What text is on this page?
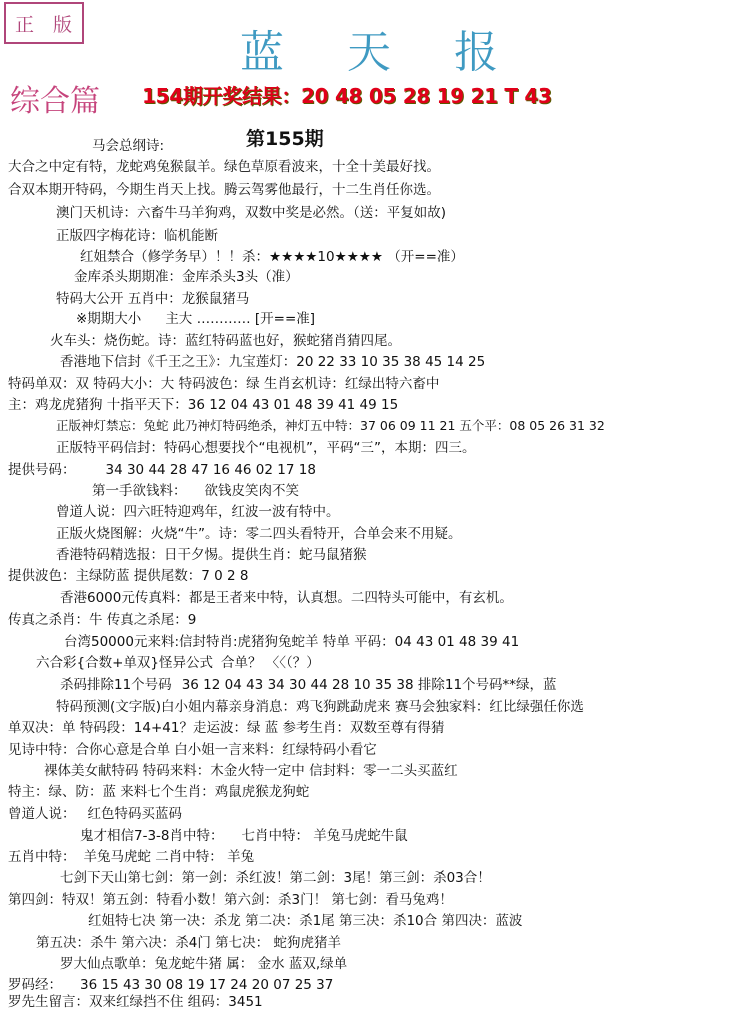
正 版
蓝 天 报
综合篇 154期开奖结果：20 48 05 28 19 21 T 43
马会总纲诗:	第155期
大合之中定有特，龙蛇鸡兔猴鼠羊。绿色草原看波来，十全十美最好找。
合双本期开特码，今期生肖天上找。腾云驾雾他最行，十二生肖任你选。
澳门天机诗：六畜牛马羊狗鸡，双数中奖是必然。（送：平复如故)
正版四字梅花诗：临机能断
红姐禁合（修学务早）！！杀：★★★★10★★★★ （开==准）
金库杀头期期准：金库杀头3头（准）
特码大公开 五肖中：龙猴鼠猪马
※期期大小 主大 ………… [开==准]
火车头：烧伤蛇。诗：蓝红特码蓝也好，猴蛇猪肖猜四尾。
香港地下信封《千王之王》：九宝莲灯：20 22 33 10 35 38 45 14 25
特码单双：双 特码大小：大 特码波色：绿 生肖玄机诗：红绿出特六畜中
主：鸡龙虎猪狗 十指平天下：36 12 04 43 01 48 39 41 49 15
正版神灯禁忘：兔蛇 此乃神灯特码绝杀，神灯五中特：37 06 09 11 21 五个平：08 05 26 31 32
正版特平码信封：特码心想要找个“电视机”，平码“三”，本期：四三。
提供号码： 34 30 44 28 47 16 46 02 17 18
第一手欲钱料： 欲钱皮笑肉不笑
曾道人说：四六旺特迎鸡年，红波一波有特中。
正版火烧图解：火烧“牛”。诗：零二四头看特开，合单会来不用疑。
香港特码精选报：日干夕惕。提供生肖：蛇马鼠猪猴
提供波色：主绿防蓝 提供尾数：7 0 2 8
香港6000元传真料：都是王者来中特，认真想。二四特头可能中，有玄机。
传真之杀肖：牛 传真之杀尾：9
台湾50000元来料:信封特肖:虎猪狗兔蛇羊 特单 平码：04 43 01 48 39 41
六合彩{合数+单双}怪异公式 合单？ 〈〈（？）
杀码排除11个号码 36 12 04 43 34 30 44 28 10 35 38 排除11个号码**绿，蓝
特码预测(文字版)白小姐内幕亲身消息：鸡飞狗跳勐虎来 赛马会独家料：红比绿强任你选
单双决：单 特码段：14+41？走运波：绿 蓝 参考生肖：双数至尊有得猜
见诗中特：合你心意是合单 白小姐一言来料：红绿特码小看它
裸体美女献特码 特码来料：木金火特一定中 信封料：零一二头买蓝红
特主：绿、防：蓝 来料七个生肖：鸡鼠虎猴龙狗蛇
曾道人说： 红色特码买蓝码
鬼才相信7-3-8肖中特： 七肖中特： 羊兔马虎蛇牛鼠
五肖中特： 羊兔马虎蛇 二肖中特： 羊兔
七剑下天山第七剑：第一剑：杀红波！第二剑：3尾！第三剑：杀03合！
第四剑：特双！第五剑：特看小数！第六剑：杀3门！ 第七剑：看马兔鸡！
红姐特七决 第一决：杀龙 第二决：杀1尾 第三决：杀10合 第四决：蓝波
第五决：杀牛 第六决：杀4门 第七决： 蛇狗虎猪羊
罗大仙点歌单：兔龙蛇牛猪 属： 金水 蓝双,绿单
罗码经： 36 15 43 30 08 19 17 24 20 07 25 37
罗先生留言：双来红绿挡不住 组码：3451
